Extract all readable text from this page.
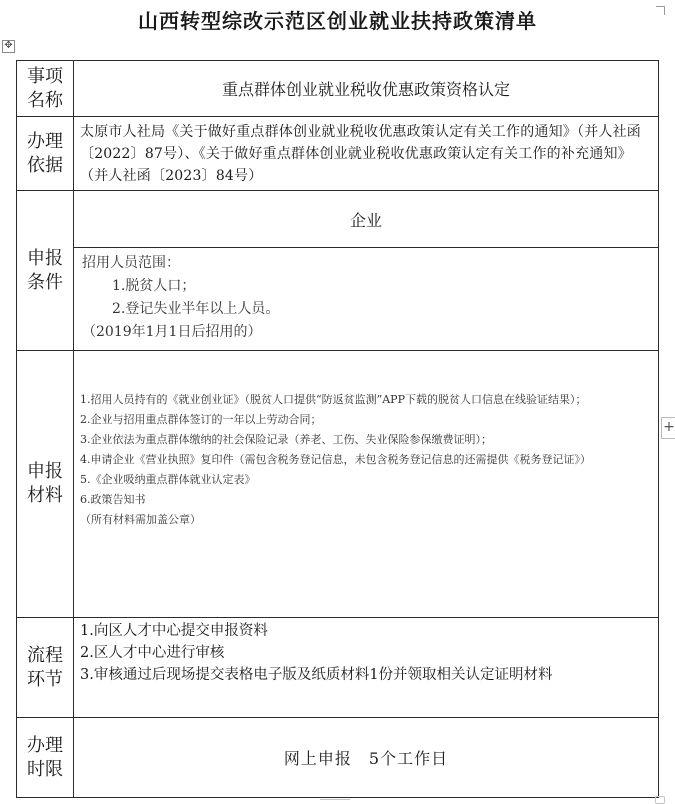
山西转型综改示范区创业就业扶持政策清单
✥
+
事项
名称	重点群体创业就业税收优惠政策资格认定
办理
依据
太原市人社局《关于做好重点群体创业就业税收优惠政策认定有关工作的通知》（并人社函〔2022〕87号）、《关于做好重点群体创业就业税收优惠政策认定有关工作的补充通知》（并人社函〔2023〕84号）
申报
条件
企业
招用人员范围：
1.脱贫人口；
2.登记失业半年以上人员。
（2019年1月1日后招用的）
申报
材料
1.招用人员持有的《就业创业证》（脱贫人口提供“防返贫监测”APP下载的脱贫人口信息在线验证结果）；
2.企业与招用重点群体签订的一年以上劳动合同；
3.企业依法为重点群体缴纳的社会保险记录（养老、工伤、失业保险参保缴费证明）；
4.申请企业《营业执照》复印件（需包含税务登记信息，未包含税务登记信息的还需提供《税务登记证》）
5.《企业吸纳重点群体就业认定表》
6.政策告知书
（所有材料需加盖公章）
流程
环节
1.向区人才中心提交申报资料
2.区人才中心进行审核
3.审核通过后现场提交表格电子版及纸质材料1份并领取相关认定证明材料
办理
时限	网上申报　5个工作日
